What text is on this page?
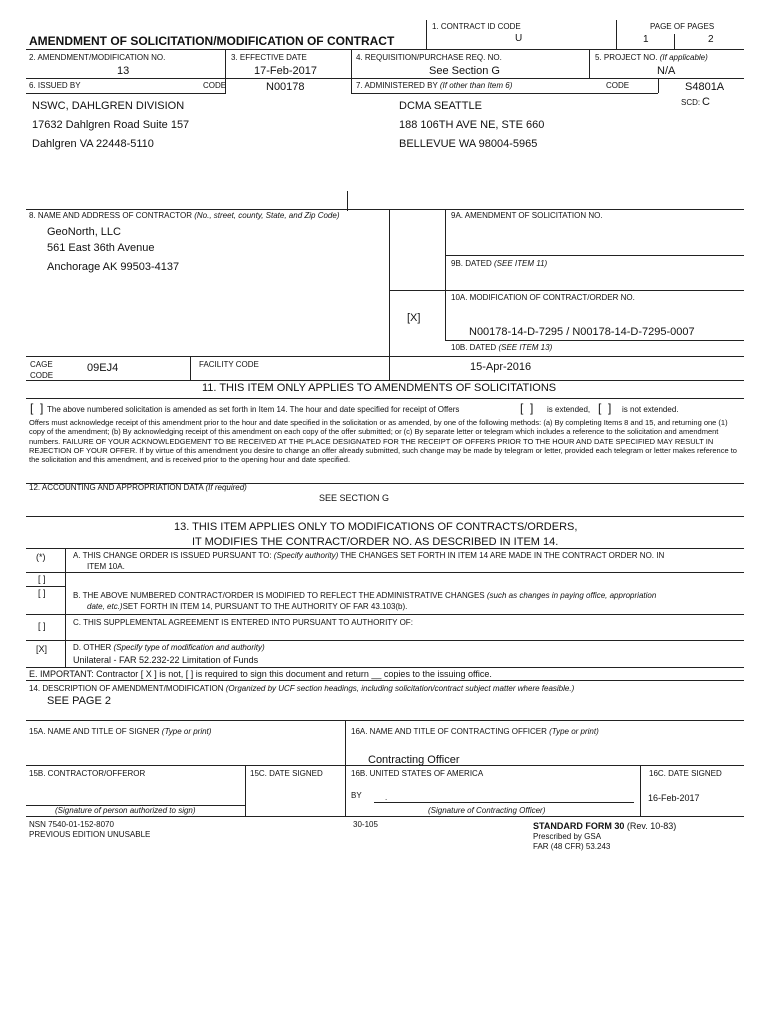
AMENDMENT OF SOLICITATION/MODIFICATION OF CONTRACT
1. CONTRACT ID CODE
U
PAGE OF PAGES
1	2
2. AMENDMENT/MODIFICATION NO.
13
3. EFFECTIVE DATE
17-Feb-2017
4. REQUISITION/PURCHASE REQ. NO.
See Section G
5. PROJECT NO. (If applicable)
N/A
6. ISSUED BY	CODE	N00178	7. ADMINISTERED BY (If other than Item 6)	CODE	S4801A
SCD: C
NSWC, DAHLGREN DIVISION
17632 Dahlgren Road Suite 157
Dahlgren VA 22448-5110
DCMA SEATTLE
188 106TH AVE NE, STE 660
BELLEVUE WA 98004-5965
8. NAME AND ADDRESS OF CONTRACTOR (No., street, county, State, and Zip Code)
GeoNorth, LLC
561 East 36th Avenue
Anchorage AK 99503-4137
9A. AMENDMENT OF SOLICITATION NO.
9B. DATED (SEE ITEM 11)
[X]
10A. MODIFICATION OF CONTRACT/ORDER NO.
N00178-14-D-7295 / N00178-14-D-7295-0007
10B. DATED (SEE ITEM 13)
15-Apr-2016
CAGE
CODE
09EJ4	FACILITY CODE
11. THIS ITEM ONLY APPLIES TO AMENDMENTS OF SOLICITATIONS
[  ] The above numbered solicitation is amended as set forth in Item 14. The hour and date specified for receipt of Offers	[  ] is extended, [  ] is not extended.
Offers must acknowledge receipt of this amendment prior to the hour and date specified in the solicitation or as amended, by one of the following methods: (a) By completing Items 8 and 15, and returning one (1) copy of the amendment; (b) By acknowledging receipt of this amendment on each copy of the offer submitted; or (c) By separate letter or telegram which includes a reference to the solicitation and amendment numbers. FAILURE OF YOUR ACKNOWLEDGEMENT TO BE RECEIVED AT THE PLACE DESIGNATED FOR THE RECEIPT OF OFFERS PRIOR TO THE HOUR AND DATE SPECIFIED MAY RESULT IN REJECTION OF YOUR OFFER. If by virtue of this amendment you desire to change an offer already submitted, such change may be made by telegram or letter, provided each telegram or letter makes reference to the solicitation and this amendment, and is received prior to the opening hour and date specified.
12. ACCOUNTING AND APPROPRIATION DATA (If required)
SEE SECTION G
13. THIS ITEM APPLIES ONLY TO MODIFICATIONS OF CONTRACTS/ORDERS,
IT MODIFIES THE CONTRACT/ORDER NO. AS DESCRIBED IN ITEM 14.
(*)	A. THIS CHANGE ORDER IS ISSUED PURSUANT TO: (Specify authority) THE CHANGES SET FORTH IN ITEM 14 ARE MADE IN THE CONTRACT ORDER NO. IN
ITEM 10A.
[ ]
[ ]	B. THE ABOVE NUMBERED CONTRACT/ORDER IS MODIFIED TO REFLECT THE ADMINISTRATIVE CHANGES (such as changes in paying office, appropriation
date, etc.)SET FORTH IN ITEM 14, PURSUANT TO THE AUTHORITY OF FAR 43.103(b).
[ ]	C. THIS SUPPLEMENTAL AGREEMENT IS ENTERED INTO PURSUANT TO AUTHORITY OF:
[X]	D. OTHER (Specify type of modification and authority)
Unilateral - FAR 52.232-22 Limitation of Funds
E. IMPORTANT: Contractor [ X ] is not, [ ] is required to sign this document and return __ copies to the issuing office.
14. DESCRIPTION OF AMENDMENT/MODIFICATION (Organized by UCF section headings, including solicitation/contract subject matter where feasible.)
SEE PAGE 2
15A. NAME AND TITLE OF SIGNER (Type or print)	16A. NAME AND TITLE OF CONTRACTING OFFICER (Type or print)
Contracting Officer
15B. CONTRACTOR/OFFEROR	15C. DATE SIGNED	16B. UNITED STATES OF AMERICA	16C. DATE SIGNED
BY	.	16-Feb-2017
(Signature of person authorized to sign)	(Signature of Contracting Officer)
NSN 7540-01-152-8070
PREVIOUS EDITION UNUSABLE
30-105	STANDARD FORM 30 (Rev. 10-83)
Prescribed by GSA
FAR (48 CFR) 53.243
